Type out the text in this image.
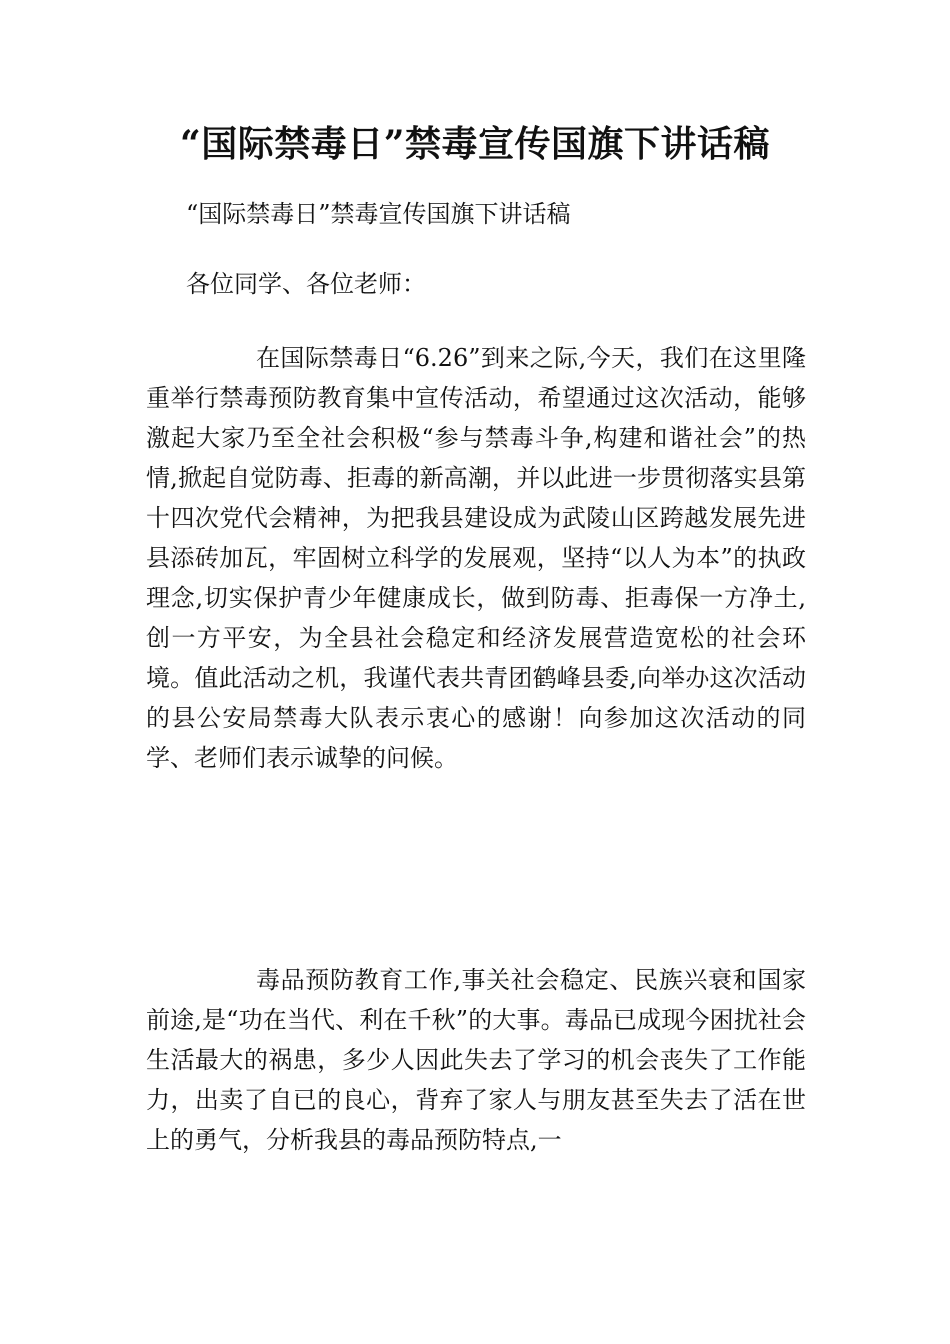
“国际禁毒日”禁毒宣传国旗下讲话稿
“国际禁毒日”禁毒宣传国旗下讲话稿
各位同学、各位老师：

在国际禁毒日“6.26”到来之际,今天，我们在这里隆重举行禁毒预防教育集中宣传活动，希望通过这次活动，能够激起大家乃至全社会积极“参与禁毒斗争,构建和谐社会”的热情,掀起自觉防毒、拒毒的新高潮，并以此进一步贯彻落实县第十四次党代会精神，为把我县建设成为武陵山区跨越发展先进县添砖加瓦，牢固树立科学的发展观，坚持“以人为本”的执政理念,切实保护青少年健康成长，做到防毒、拒毒保一方净土,创一方平安，为全县社会稳定和经济发展营造宽松的社会环境。值此活动之机，我谨代表共青团鹤峰县委,向举办这次活动的县公安局禁毒大队表示衷心的感谢！向参加这次活动的同学、老师们表示诚挚的问候。

毒品预防教育工作,事关社会稳定、民族兴衰和国家前途,是“功在当代、利在千秋”的大事。毒品已成现今困扰社会生活最大的祸患，多少人因此失去了学习的机会丧失了工作能力，出卖了自已的良心，背弃了家人与朋友甚至失去了活在世上的勇气，分析我县的毒品预防特点,一
